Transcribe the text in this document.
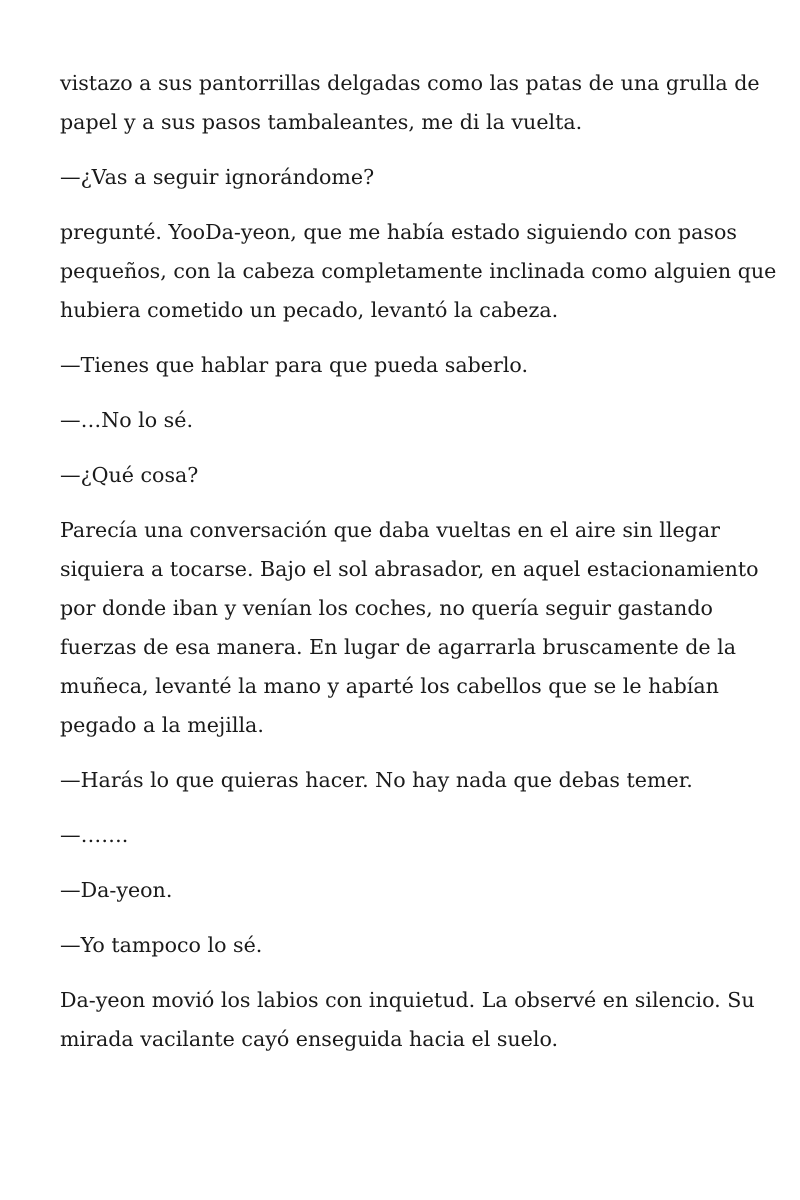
vistazo a sus pantorrillas delgadas como las patas de una grulla de papel y a sus pasos tambaleantes, me di la vuelta.

—¿Vas a seguir ignorándome?

pregunté. YooDa-yeon, que me había estado siguiendo con pasos pequeños, con la cabeza completamente inclinada como alguien que hubiera cometido un pecado, levantó la cabeza.

—Tienes que hablar para que pueda saberlo.

—…No lo sé.

—¿Qué cosa?

Parecía una conversación que daba vueltas en el aire sin llegar siquiera a tocarse. Bajo el sol abrasador, en aquel estacionamiento por donde iban y venían los coches, no quería seguir gastando fuerzas de esa manera. En lugar de agarrarla bruscamente de la muñeca, levanté la mano y aparté los cabellos que se le habían pegado a la mejilla.

—Harás lo que quieras hacer. No hay nada que debas temer.

—…….

—Da-yeon.

—Yo tampoco lo sé.

Da-yeon movió los labios con inquietud. La observé en silencio. Su mirada vacilante cayó enseguida hacia el suelo.
